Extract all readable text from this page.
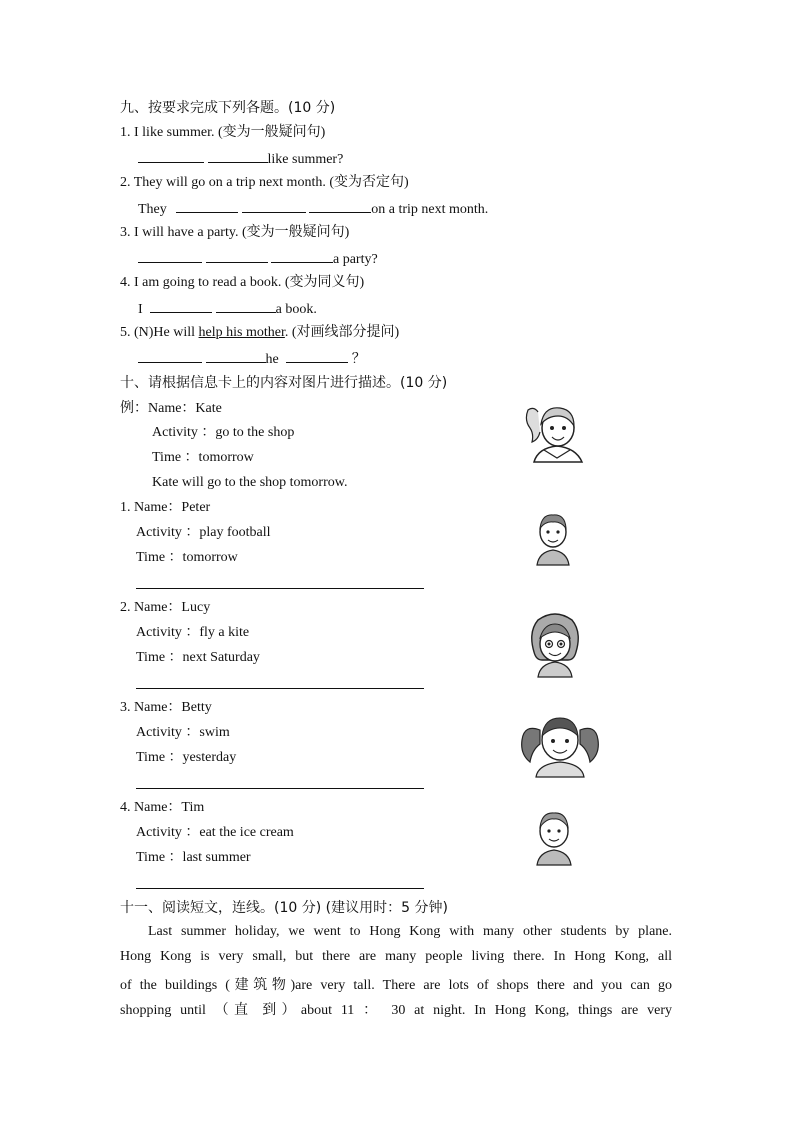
九、按要求完成下列各题。(10 分)
1. I like summer. (变为一般疑问句)
like summer?
2. They will go on a trip next month. (变为否定句)
They	on a trip next month.
3. I will have a party. (变为一般疑问句)
a party?
4. I am going to read a book. (变为同义句)
I	a book.
5. (N)He will help his mother. (对画线部分提问)
he	？
十、请根据信息卡上的内容对图片进行描述。(10 分)
例：Name：Kate
Activity ：go to the shop
Time ：tomorrow
Kate will go to the shop tomorrow.
1. Name：Peter
Activity ：play football
Time ：tomorrow
2. Name：Lucy
Activity ：fly a kite
Time ：next Saturday
3. Name：Betty
Activity ：swim
Time ：yesterday
4. Name：Tim
Activity ：eat the ice cream
Time ：last summer
十一、阅读短文，连线。(10 分) (建议用时：5 分钟)
Last summer holiday, we went to Hong Kong with many other students by plane.
Hong Kong is very small, but there are many people living there. In Hong Kong, all
of the buildings (建筑物)are very tall. There are lots of shops there and you can go
shopping until （直 到）about 11 ： 30 at night. In Hong Kong, things are very
